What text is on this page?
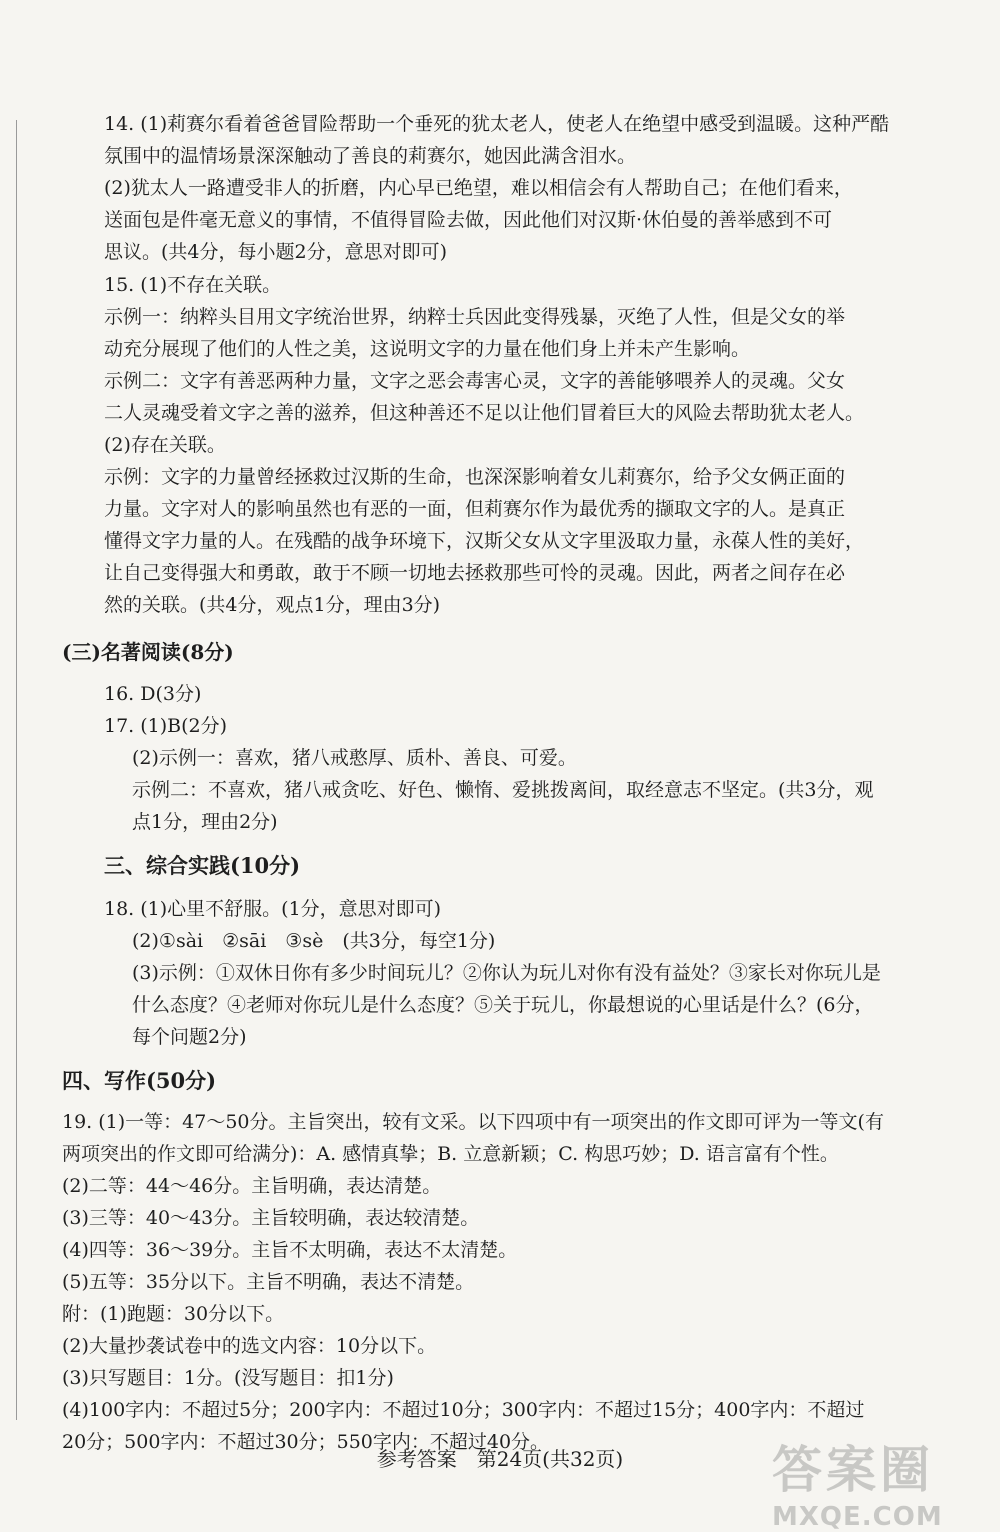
14. (1)莉赛尔看着爸爸冒险帮助一个垂死的犹太老人，使老人在绝望中感受到温暖。这种严酷
氛围中的温情场景深深触动了善良的莉赛尔，她因此满含泪水。
(2)犹太人一路遭受非人的折磨，内心早已绝望，难以相信会有人帮助自己；在他们看来，
送面包是件毫无意义的事情，不值得冒险去做，因此他们对汉斯·休伯曼的善举感到不可
思议。(共4分，每小题2分，意思对即可)
15. (1)不存在关联。
示例一：纳粹头目用文字统治世界，纳粹士兵因此变得残暴，灭绝了人性，但是父女的举
动充分展现了他们的人性之美，这说明文字的力量在他们身上并未产生影响。
示例二：文字有善恶两种力量，文字之恶会毒害心灵，文字的善能够喂养人的灵魂。父女
二人灵魂受着文字之善的滋养，但这种善还不足以让他们冒着巨大的风险去帮助犹太老人。
(2)存在关联。
示例：文字的力量曾经拯救过汉斯的生命，也深深影响着女儿莉赛尔，给予父女俩正面的
力量。文字对人的影响虽然也有恶的一面，但莉赛尔作为最优秀的撷取文字的人。是真正
懂得文字力量的人。在残酷的战争环境下，汉斯父女从文字里汲取力量，永葆人性的美好，
让自己变得强大和勇敢，敢于不顾一切地去拯救那些可怜的灵魂。因此，两者之间存在必
然的关联。(共4分，观点1分，理由3分)
(三)名著阅读(8分)
16. D(3分)
17. (1)B(2分)
(2)示例一：喜欢，猪八戒憨厚、质朴、善良、可爱。
示例二：不喜欢，猪八戒贪吃、好色、懒惰、爱挑拨离间，取经意志不坚定。(共3分，观
点1分，理由2分)
三、综合实践(10分)
18. (1)心里不舒服。(1分，意思对即可)
(2)①sài　②sāi　③sè　(共3分，每空1分)
(3)示例：①双休日你有多少时间玩儿？②你认为玩儿对你有没有益处？③家长对你玩儿是
什么态度？④老师对你玩儿是什么态度？⑤关于玩儿，你最想说的心里话是什么？(6分，
每个问题2分)
四、写作(50分)
19. (1)一等：47～50分。主旨突出，较有文采。以下四项中有一项突出的作文即可评为一等文(有
两项突出的作文即可给满分)：A. 感情真挚；B. 立意新颖；C. 构思巧妙；D. 语言富有个性。
(2)二等：44～46分。主旨明确，表达清楚。
(3)三等：40～43分。主旨较明确，表达较清楚。
(4)四等：36～39分。主旨不太明确，表达不太清楚。
(5)五等：35分以下。主旨不明确，表达不清楚。
附：(1)跑题：30分以下。
(2)大量抄袭试卷中的选文内容：10分以下。
(3)只写题目：1分。(没写题目：扣1分)
(4)100字内：不超过5分；200字内：不超过10分；300字内：不超过15分；400字内：不超过
20分；500字内：不超过30分；550字内：不超过40分。
参考答案　第24页(共32页)	答案圈
MXQE.COM
